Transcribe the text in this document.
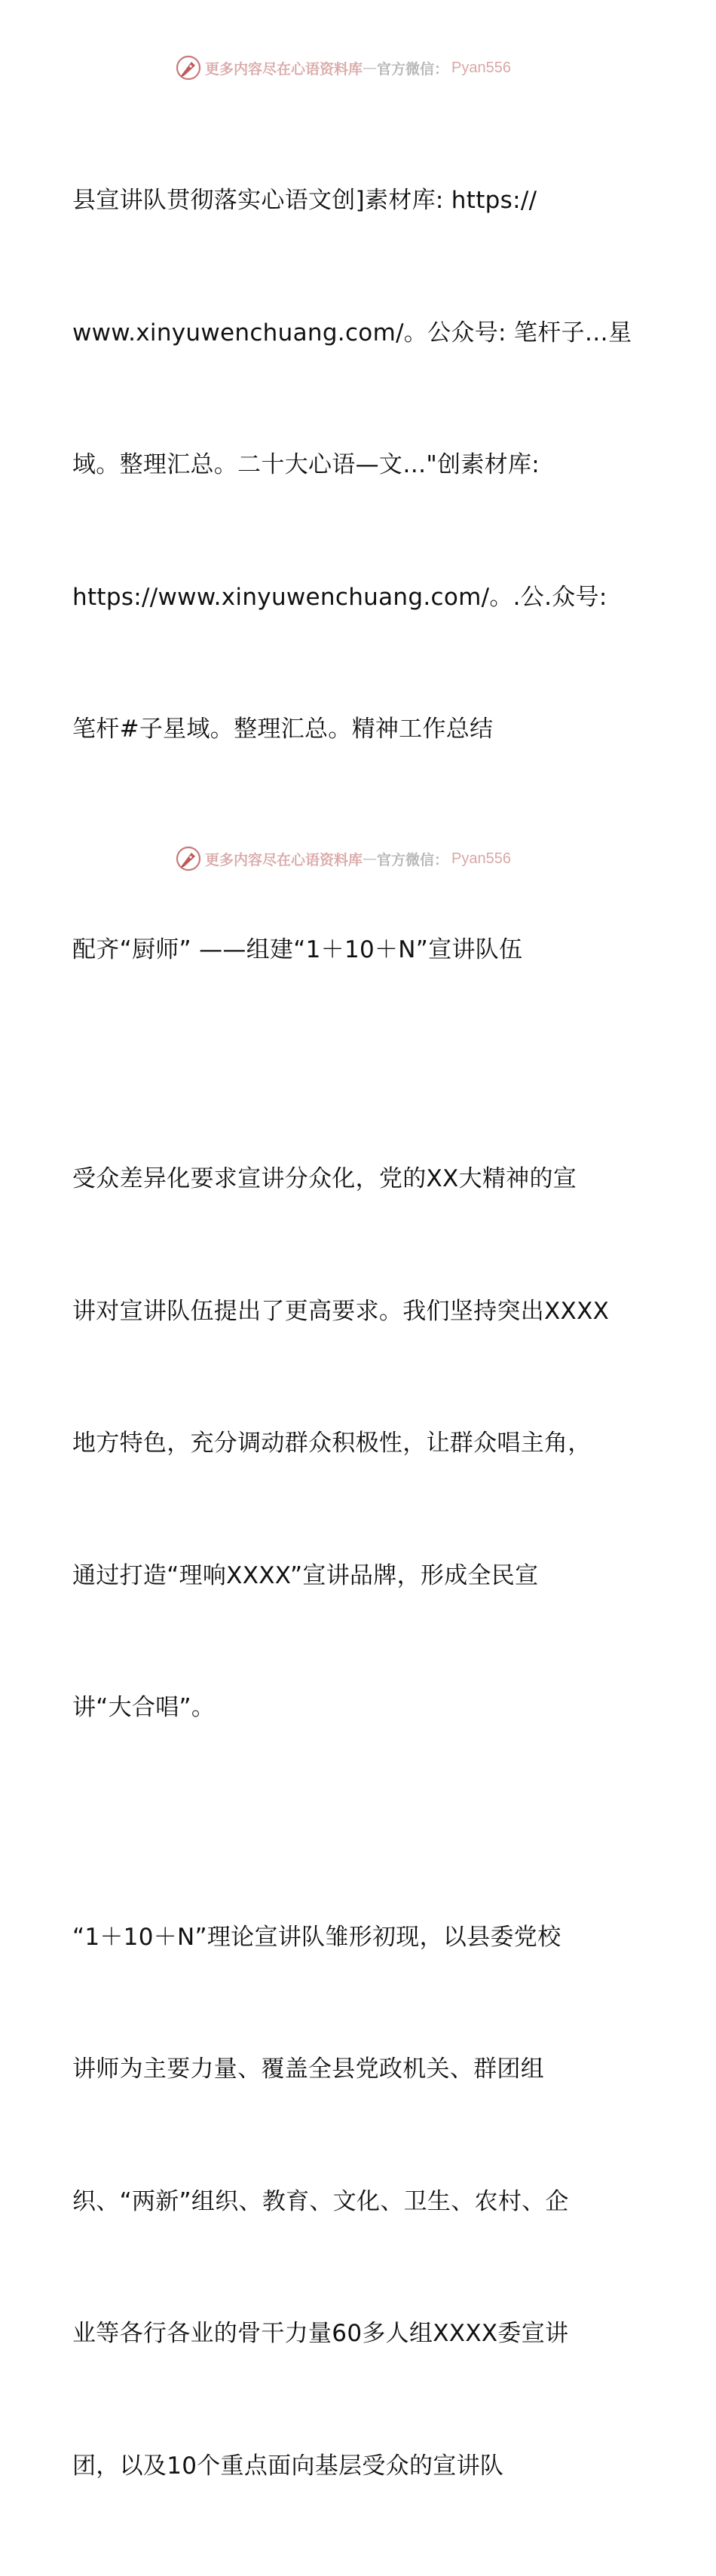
更多内容尽在心语资料库 — 官方微信： Pyan556

县宣讲队贯彻落实心语文创]素材库: https://

www.xinyuwenchuang.com/。公众号: 笔杆子…星

域。整理汇总。二十大心语—文…"创素材库:

https://www.xinyuwenchuang.com/。.公.众号:

笔杆#子星域。整理汇总。精神工作总结

配齐“厨师” ——组建“1＋10＋N”宣讲队伍

受众差异化要求宣讲分众化，党的XX大精神的宣

讲对宣讲队伍提出了更高要求。我们坚持突出XXXX

地方特色，充分调动群众积极性，让群众唱主角，

通过打造“理响XXXX”宣讲品牌，形成全民宣

讲“大合唱”。

“1＋10＋N”理论宣讲队雏形初现，以县委党校

讲师为主要力量、覆盖全县党政机关、群团组

织、“两新”组织、教育、文化、卫生、农村、企

业等各行各业的骨干力量60多人组XXXX委宣讲

团，以及10个重点面向基层受众的宣讲队

更多内容尽在心语资料库 — 官方微信： Pyan556
